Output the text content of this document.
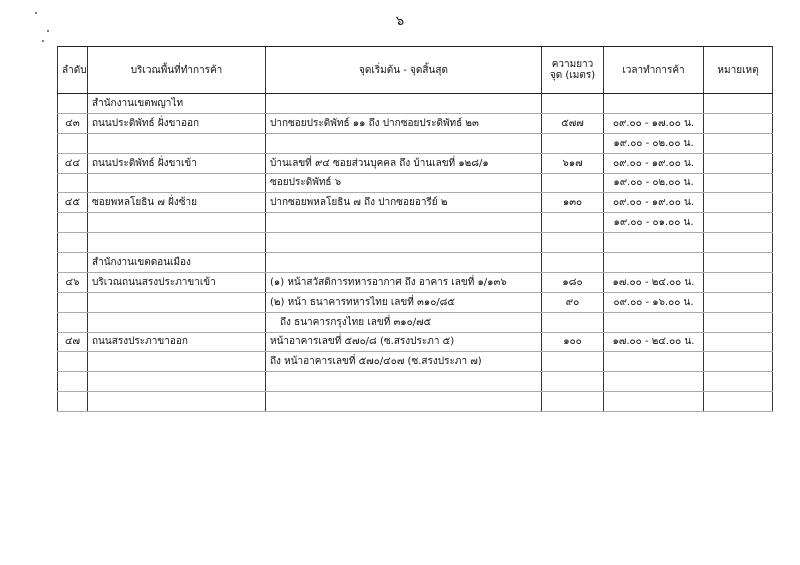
๖
ลำดับ	บริเวณพื้นที่ทำการค้า	จุดเริ่มต้น - จุดสิ้นสุด	ความยาวจุด (เมตร)	เวลาทำการค้า	หมายเหตุ
	สำนักงานเขตพญาไท				
๔๓	ถนนประดิพัทธ์ ฝั่งขาออก	ปากซอยประดิพัทธ์ ๑๑ ถึง ปากซอยประดิพัทธ์ ๒๓	๕๗๗	๐๙.๐๐ - ๑๗.๐๐ น.	
				๑๙.๐๐ - ๐๒.๐๐ น.	
๔๔	ถนนประดิพัทธ์ ฝั่งขาเข้า	บ้านเลขที่ ๙๔ ซอยส่วนบุคคล ถึง บ้านเลขที่ ๑๒๘/๑	๖๑๗	๐๙.๐๐ - ๑๙.๐๐ น.	
		ซอยประดิพัทธ์ ๖		๑๙.๐๐ - ๐๒.๐๐ น.	
๔๕	ซอยพหลโยธิน ๗ ฝั่งซ้าย	ปากซอยพหลโยธิน ๗ ถึง ปากซอยอารีย์ ๒	๑๓๐	๐๙.๐๐ - ๑๙.๐๐ น.	
				๑๙.๐๐ - ๐๑.๐๐ น.	

	สำนักงานเขตดอนเมือง				
๔๖	บริเวณถนนสรงประภาขาเข้า	(๑) หน้าสวัสดิการทหารอากาศ ถึง อาคาร เลขที่ ๑/๑๓๖	๑๘๐	๑๗.๐๐ - ๒๔.๐๐ น.	
		(๒) หน้า ธนาคารทหารไทย เลขที่ ๓๑๐/๘๕	๙๐	๐๙.๐๐ - ๑๖.๐๐ น.	
		ถึง ธนาคารกรุงไทย เลขที่ ๓๑๐/๗๕			
๔๗	ถนนสรงประภาขาออก	หน้าอาคารเลขที่ ๕๗๐/๘ (ซ.สรงประภา ๕)	๑๐๐	๑๗.๐๐ - ๒๔.๐๐ น.	
		ถึง หน้าอาคารเลขที่ ๕๗๐/๔๐๗ (ซ.สรงประภา ๗)			
